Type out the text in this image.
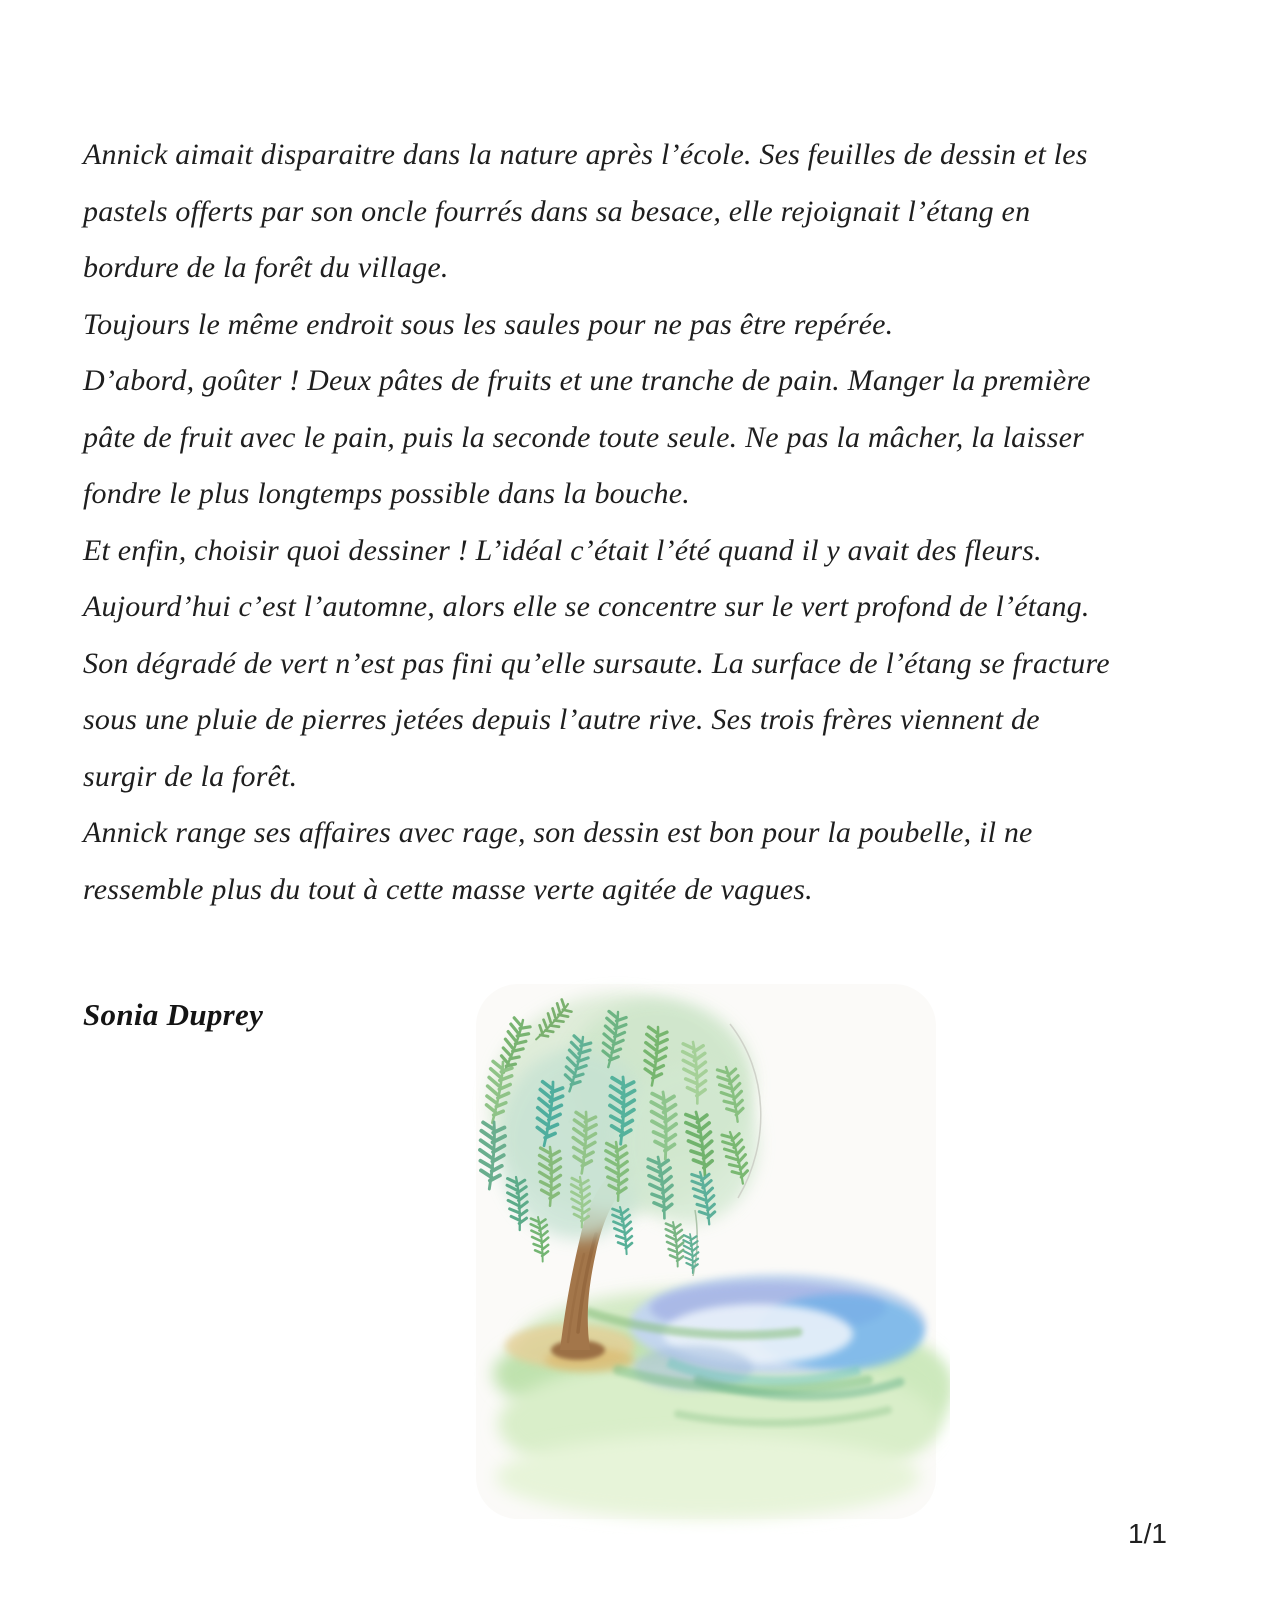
Annick aimait disparaitre dans la nature après l’école. Ses feuilles de dessin et les
pastels offerts par son oncle fourrés dans sa besace, elle rejoignait l’étang en
bordure de la forêt du village.
Toujours le même endroit sous les saules pour ne pas être repérée.
D’abord, goûter ! Deux pâtes de fruits et une tranche de pain. Manger la première
pâte de fruit avec le pain, puis la seconde toute seule. Ne pas la mâcher, la laisser
fondre le plus longtemps possible dans la bouche.
Et enfin, choisir quoi dessiner ! L’idéal c’était l’été quand il y avait des fleurs.
Aujourd’hui c’est l’automne, alors elle se concentre sur le vert profond de l’étang.
Son dégradé de vert n’est pas fini qu’elle sursaute. La surface de l’étang se fracture
sous une pluie de pierres jetées depuis l’autre rive. Ses trois frères viennent de
surgir de la forêt.
Annick range ses affaires avec rage, son dessin est bon pour la poubelle, il ne
ressemble plus du tout à cette masse verte agitée de vagues.
Sonia Duprey
1/1
